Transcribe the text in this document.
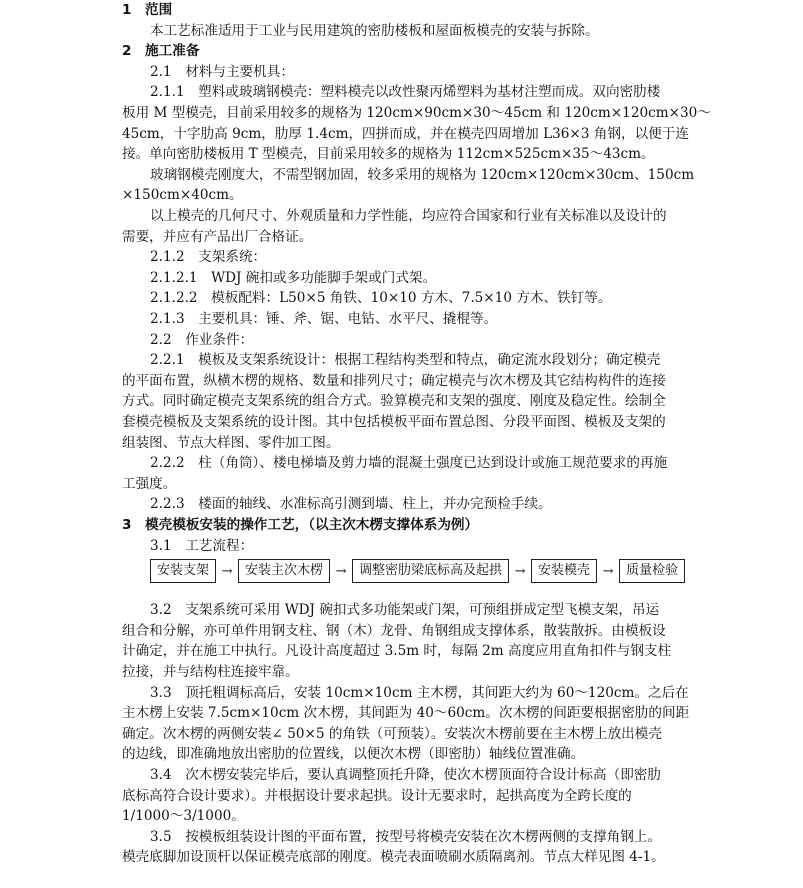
1　范围
本工艺标准适用于工业与民用建筑的密肋楼板和屋面板模壳的安装与拆除。
2　施工准备
2.1　材料与主要机具：
2.1.1　塑料或玻璃钢模壳：塑料模壳以改性聚丙烯塑料为基材注塑而成。双向密肋楼
板用 M 型模壳，目前采用较多的规格为 120cm×90cm×30～45cm 和 120cm×120cm×30～
45cm，十字肋高 9cm，肋厚 1.4cm，四拼而成，并在模壳四周增加 L36×3 角钢，以便于连
接。单向密肋楼板用 T 型模壳，目前采用较多的规格为 112cm×525cm×35～43cm。
玻璃钢模壳刚度大，不需型钢加固，较多采用的规格为 120cm×120cm×30cm、150cm
×150cm×40cm。
以上模壳的几何尺寸、外观质量和力学性能，均应符合国家和行业有关标准以及设计的
需要，并应有产品出厂合格证。
2.1.2　支架系统：
2.1.2.1　WDJ 碗扣或多功能脚手架或门式架。
2.1.2.2　模板配料：L50×5 角铁、10×10 方木、7.5×10 方木、铁钉等。
2.1.3　主要机具：锤、斧、锯、电钻、水平尺、撬棍等。
2.2　作业条件：
2.2.1　模板及支架系统设计：根据工程结构类型和特点，确定流水段划分；确定模壳
的平面布置，纵横木楞的规格、数量和排列尺寸；确定模壳与次木楞及其它结构构件的连接
方式。同时确定模壳支架系统的组合方式。验算模壳和支架的强度、刚度及稳定性。绘制全
套模壳模板及支架系统的设计图。其中包括模板平面布置总图、分段平面图、模板及支架的
组装图、节点大样图、零件加工图。
2.2.2　柱（角筒）、楼电梯墙及剪力墙的混凝土强度已达到设计或施工规范要求的再施
工强度。
2.2.3　楼面的轴线、水准标高引测到墙、柱上，并办完预检手续。
3　模壳模板安装的操作工艺，（以主次木楞支撑体系为例）
3.1　工艺流程：
安装支架 → 安装主次木楞 → 调整密肋梁底标高及起拱 → 安装模壳 → 质量检验
3.2　支架系统可采用 WDJ 碗扣式多功能架或门架，可预组拼成定型飞模支架，吊运
组合和分解，亦可单件用钢支柱、钢（木）龙骨、角钢组成支撑体系，散装散拆。由模板设
计确定，并在施工中执行。凡设计高度超过 3.5m 时，每隔 2m 高度应用直角扣件与钢支柱
拉接，并与结构柱连接牢靠。
3.3　顶托粗调标高后，安装 10cm×10cm 主木楞，其间距大约为 60～120cm。之后在
主木楞上安装 7.5cm×10cm 次木楞，其间距为 40～60cm。次木楞的间距要根据密肋的间距
确定。次木楞的两侧安装∠ 50×5 的角铁（可预装）。安装次木楞前要在主木楞上放出模壳
的边线，即准确地放出密肋的位置线，以便次木楞（即密肋）轴线位置准确。
3.4　次木楞安装完毕后，要认真调整顶托升降，使次木楞顶面符合设计标高（即密肋
底标高符合设计要求）。并根据设计要求起拱。设计无要求时，起拱高度为全跨长度的
1/1000～3/1000。
3.5　按模板组装设计图的平面布置，按型号将模壳安装在次木楞两侧的支撑角钢上。
模壳底脚加设顶杆以保证模壳底部的刚度。模壳表面喷刷水质隔离剂。节点大样见图 4-1。
